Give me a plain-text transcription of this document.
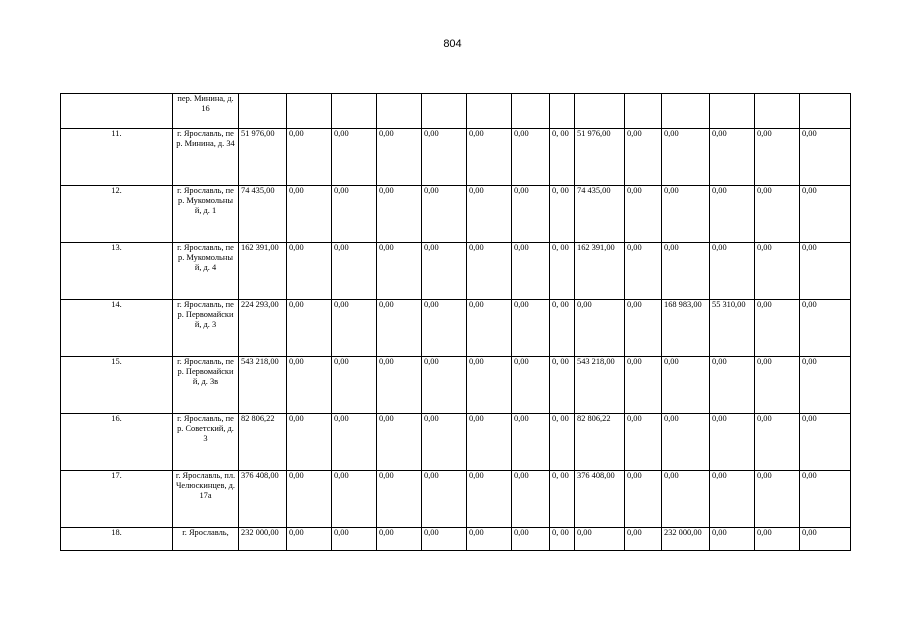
804
	пер. Минина, д. 16														
11.	г. Ярославль, пер. Минина, д. 34	51 976,00	0,00	0,00	0,00	0,00	0,00	0,00	0, 00	51 976,00	0,00	0,00	0,00	0,00	0,00
12.	г. Ярославль, пер. Мукомольный, д. 1	74 435,00	0,00	0,00	0,00	0,00	0,00	0,00	0, 00	74 435,00	0,00	0,00	0,00	0,00	0,00
13.	г. Ярославль, пер. Мукомольный, д. 4	162 391,00	0,00	0,00	0,00	0,00	0,00	0,00	0, 00	162 391,00	0,00	0,00	0,00	0,00	0,00
14.	г. Ярославль, пер. Первомайский, д. 3	224 293,00	0,00	0,00	0,00	0,00	0,00	0,00	0, 00	0,00	0,00	168 983,00	55 310,00	0,00	0,00
15.	г. Ярославль, пер. Первомайский, д. 3в	543 218,00	0,00	0,00	0,00	0,00	0,00	0,00	0, 00	543 218,00	0,00	0,00	0,00	0,00	0,00
16.	г. Ярославль, пер. Советский, д. 3	82 806,22	0,00	0,00	0,00	0,00	0,00	0,00	0, 00	82 806,22	0,00	0,00	0,00	0,00	0,00
17.	г. Ярославль, пл. Челюскинцев, д. 17а	376 408,00	0,00	0,00	0,00	0,00	0,00	0,00	0, 00	376 408,00	0,00	0,00	0,00	0,00	0,00
18.	г. Ярославль,	232 000,00	0,00	0,00	0,00	0,00	0,00	0,00	0, 00	0,00	0,00	232 000,00	0,00	0,00	0,00
